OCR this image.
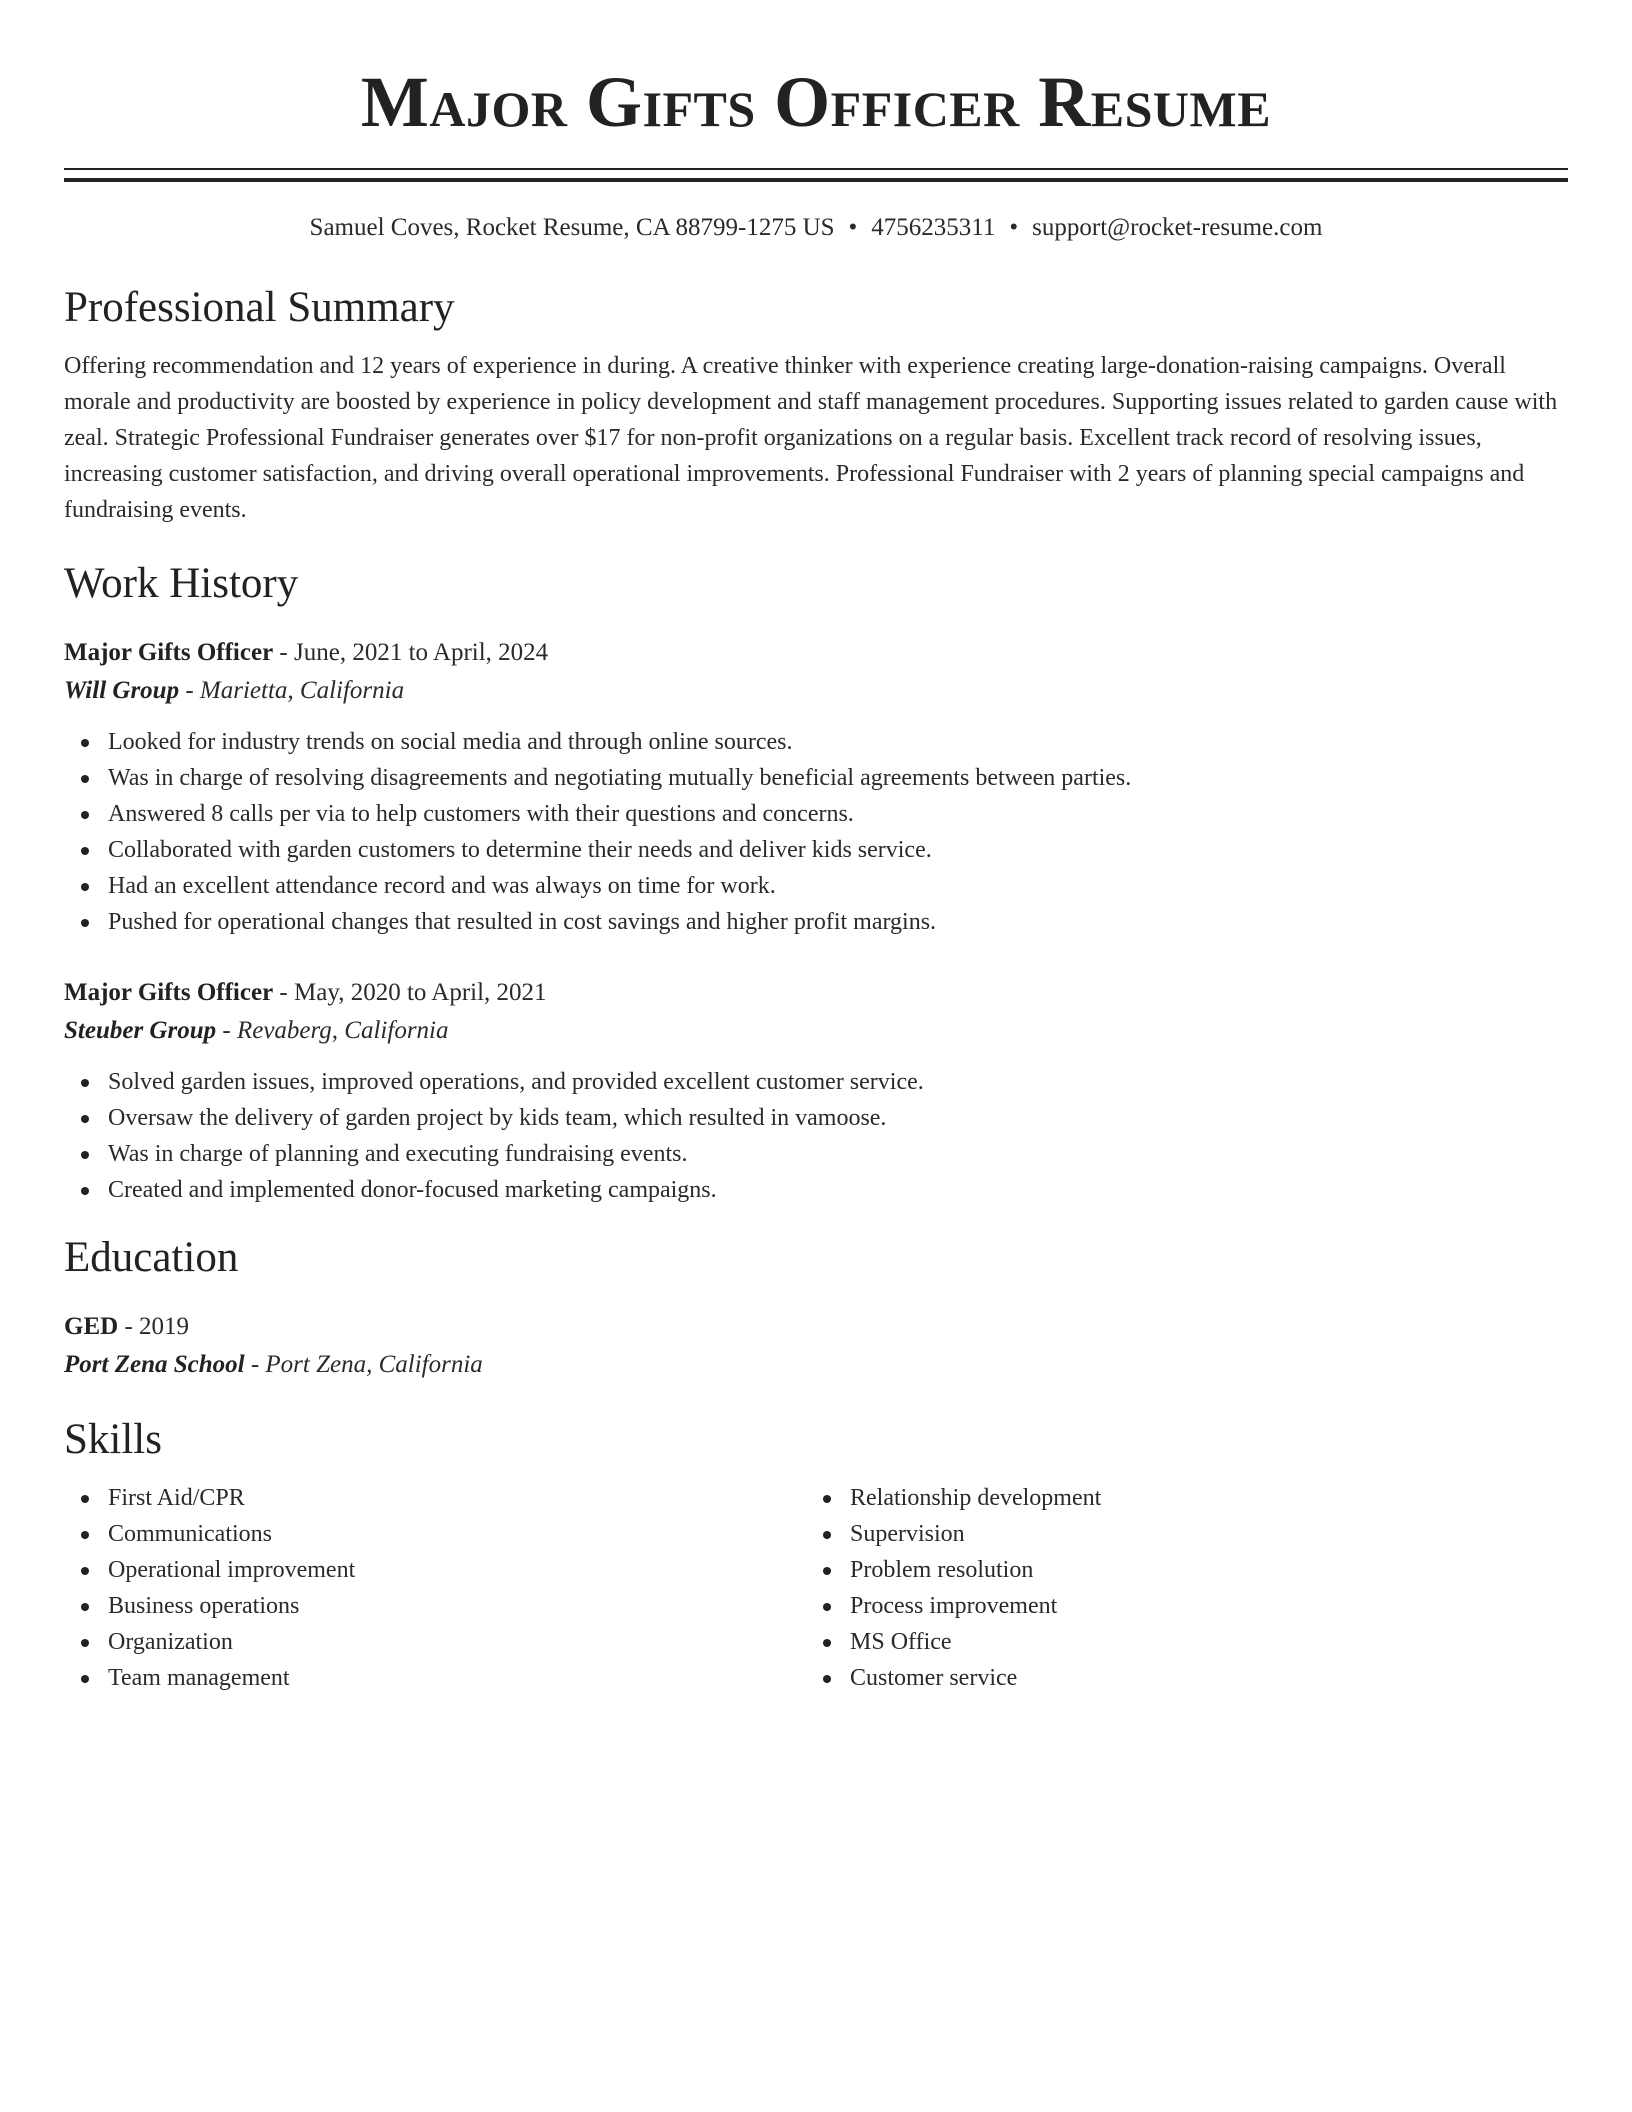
Major Gifts Officer Resume
Samuel Coves, Rocket Resume, CA 88799-1275 US • 4756235311 • support@rocket-resume.com
Professional Summary

Offering recommendation and 12 years of experience in during. A creative thinker with experience creating large-donation-raising campaigns. Overall morale and productivity are boosted by experience in policy development and staff management procedures. Supporting issues related to garden cause with zeal. Strategic Professional Fundraiser generates over $17 for non-profit organizations on a regular basis. Excellent track record of resolving issues, increasing customer satisfaction, and driving overall operational improvements. Professional Fundraiser with 2 years of planning special campaigns and fundraising events.

Work History
Major Gifts Officer - June, 2021 to April, 2024
Will Group - Marietta, California
Looked for industry trends on social media and through online sources.
Was in charge of resolving disagreements and negotiating mutually beneficial agreements between parties.
Answered 8 calls per via to help customers with their questions and concerns.
Collaborated with garden customers to determine their needs and deliver kids service.
Had an excellent attendance record and was always on time for work.
Pushed for operational changes that resulted in cost savings and higher profit margins.
Major Gifts Officer - May, 2020 to April, 2021
Steuber Group - Revaberg, California
Solved garden issues, improved operations, and provided excellent customer service.
Oversaw the delivery of garden project by kids team, which resulted in vamoose.
Was in charge of planning and executing fundraising events.
Created and implemented donor-focused marketing campaigns.
Education
GED - 2019
Port Zena School - Port Zena, California
Skills
First Aid/CPR
Communications
Operational improvement
Business operations
Organization
Team management
Relationship development
Supervision
Problem resolution
Process improvement
MS Office
Customer service
